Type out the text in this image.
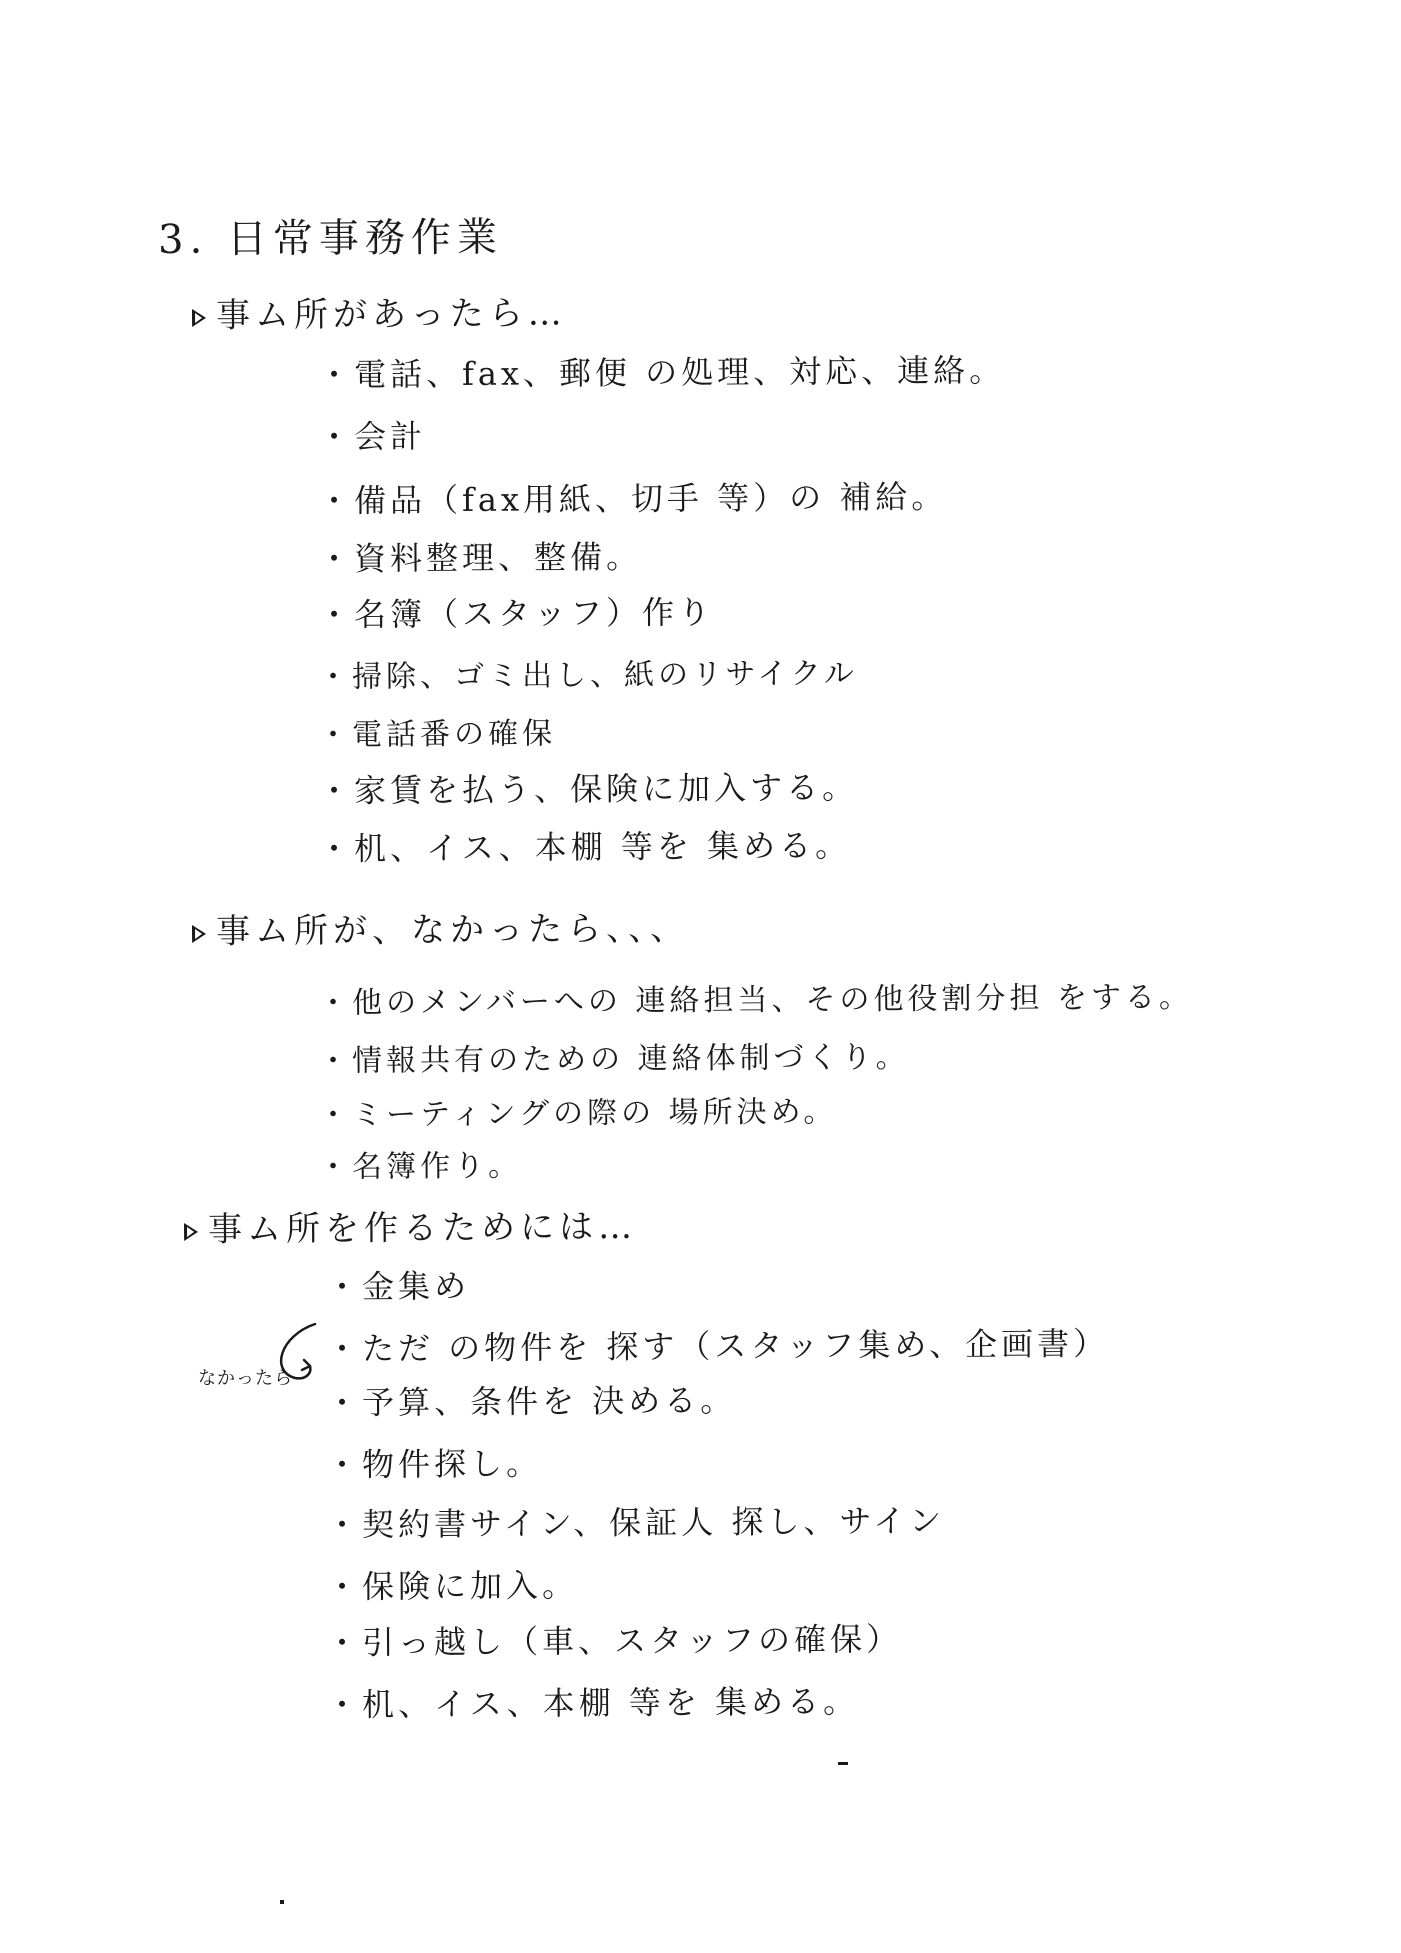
3. 日常事務作業
事ム所があったら…
・電話、fax、郵便 の処理、対応、連絡。
・会計
・備品（fax用紙、切手 等）の 補給。
・資料整理、整備。
・名簿（スタッフ）作り
・掃除、ゴミ出し、紙のリサイクル
・電話番の確保
・家賃を払う、保険に加入する。
・机、イス、本棚 等を 集める。
事ム所が、なかったら、、、
・他のメンバーへの 連絡担当、その他役割分担 をする。
・情報共有のための 連絡体制づくり。
・ミーティングの際の 場所決め。
・名簿作り。
事ム所を作るためには…
・金集め
・ただ の物件を 探す（スタッフ集め、企画書）
・予算、条件を 決める。
・物件探し。
・契約書サイン、保証人 探し、サイン
・保険に加入。
・引っ越し（車、スタッフの確保）
・机、イス、本棚 等を 集める。
なかったら
